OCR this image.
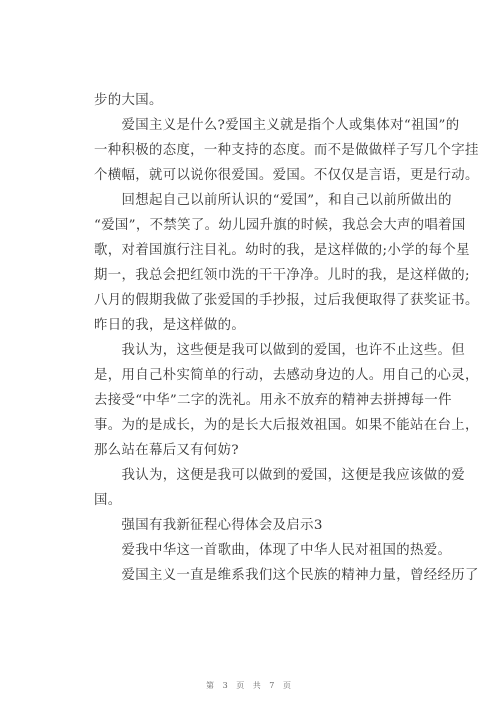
步的大国。
　　爱国主义是什么?爱国主义就是指个人或集体对“祖国”的
一种积极的态度，一种支持的态度。而不是做做样子写几个字挂
个横幅，就可以说你很爱国。爱国。不仅仅是言语，更是行动。
　　回想起自己以前所认识的“爱国”，和自己以前所做出的
“爱国”，不禁笑了。幼儿园升旗的时候，我总会大声的唱着国
歌，对着国旗行注目礼。幼时的我，是这样做的;小学的每个星
期一，我总会把红领巾洗的干干净净。儿时的我，是这样做的;
八月的假期我做了张爱国的手抄报，过后我便取得了获奖证书。
昨日的我，是这样做的。
　　我认为，这些便是我可以做到的爱国，也许不止这些。但
是，用自己朴实简单的行动，去感动身边的人。用自己的心灵，
去接受“中华”二字的洗礼。用永不放弃的精神去拼搏每一件
事。为的是成长，为的是长大后报效祖国。如果不能站在台上，
那么站在幕后又有何妨?
　　我认为，这便是我可以做到的爱国，这便是我应该做的爱
国。
　　强国有我新征程心得体会及启示3
　　爱我中华这一首歌曲，体现了中华人民对祖国的热爱。
　　爱国主义一直是维系我们这个民族的精神力量，曾经经历了
第 3 页 共 7 页
